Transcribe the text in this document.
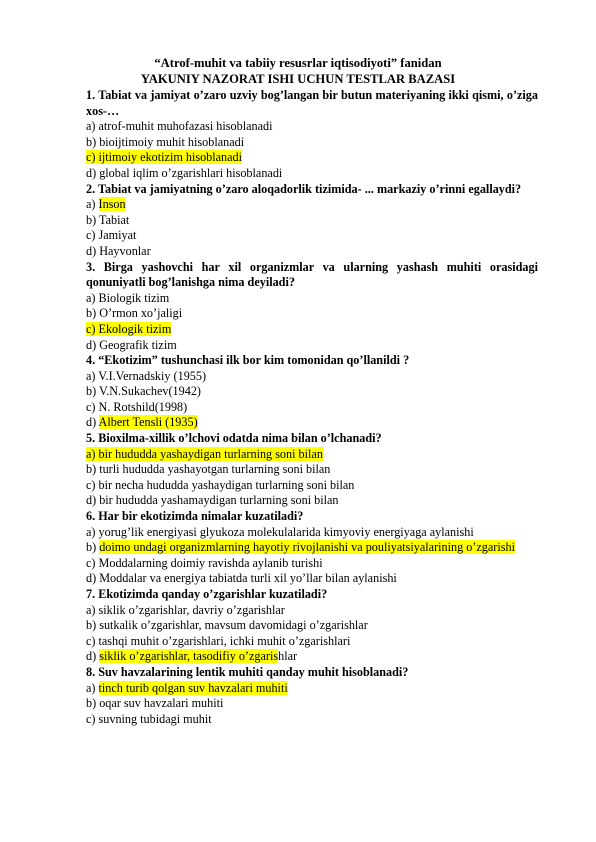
“Atrof-muhit va tabiiy resusrlar iqtisodiyoti” fanidan
YAKUNIY NAZORAT ISHI UCHUN TESTLAR BAZASI
1. Tabiat va jamiyat o’zaro uzviy bog’langan bir butun materiyaning ikki qismi, o’ziga xos-…
a) atrof-muhit muhofazasi hisoblanadi
b) bioijtimoiy muhit hisoblanadi
c) ijtimoiy ekotizim hisoblanadi
d) global iqlim o’zgarishlari hisoblanadi
2. Tabiat va jamiyatning o’zaro aloqadorlik tizimida- ... markaziy o’rinni egallaydi?
a) Inson
b) Tabiat
c) Jamiyat
d) Hayvonlar
3. Birga yashovchi har xil organizmlar va ularning yashash muhiti orasidagi qonuniyatli bog’lanishga nima deyiladi?
a) Biologik tizim
b) O’rmon xo’jaligi
c) Ekologik tizim
d) Geografik tizim
4. “Ekotizim” tushunchasi ilk bor kim tomonidan qo’llanildi ?
a) V.I.Vernadskiy (1955)
b) V.N.Sukachev(1942)
c) N. Rotshild(1998)
d) Albert Tensli (1935)
5. Bioxilma-xillik o’lchovi odatda nima bilan o’lchanadi?
a) bir hududda yashaydigan turlarning soni bilan
b) turli hududda yashayotgan turlarning soni bilan
c) bir necha hududda yashaydigan turlarning soni bilan
d) bir hududda yashamaydigan turlarning soni bilan
6. Har bir ekotizimda nimalar kuzatiladi?
a) yorug’lik energiyasi glyukoza molekulalarida kimyoviy energiyaga aylanishi
b) doimo undagi organizmlarning hayotiy rivojlanishi va pouliyatsiyalarining o’zgarishi
c) Moddalarning doimiy ravishda aylanib turishi
d) Moddalar va energiya tabiatda turli xil yo’llar bilan aylanishi
7. Ekotizimda qanday o’zgarishlar kuzatiladi?
a) siklik o’zgarishlar, davriy o’zgarishlar
b) sutkalik o’zgarishlar, mavsum davomidagi o’zgarishlar
c) tashqi muhit o’zgarishlari, ichki muhit o’zgarishlari
d) siklik o’zgarishlar, tasodifiy o’zgarishlar
8. Suv havzalarining lentik muhiti qanday muhit hisoblanadi?
a) tinch turib qolgan suv havzalari muhiti
b) oqar suv havzalari muhiti
c) suvning tubidagi muhit
